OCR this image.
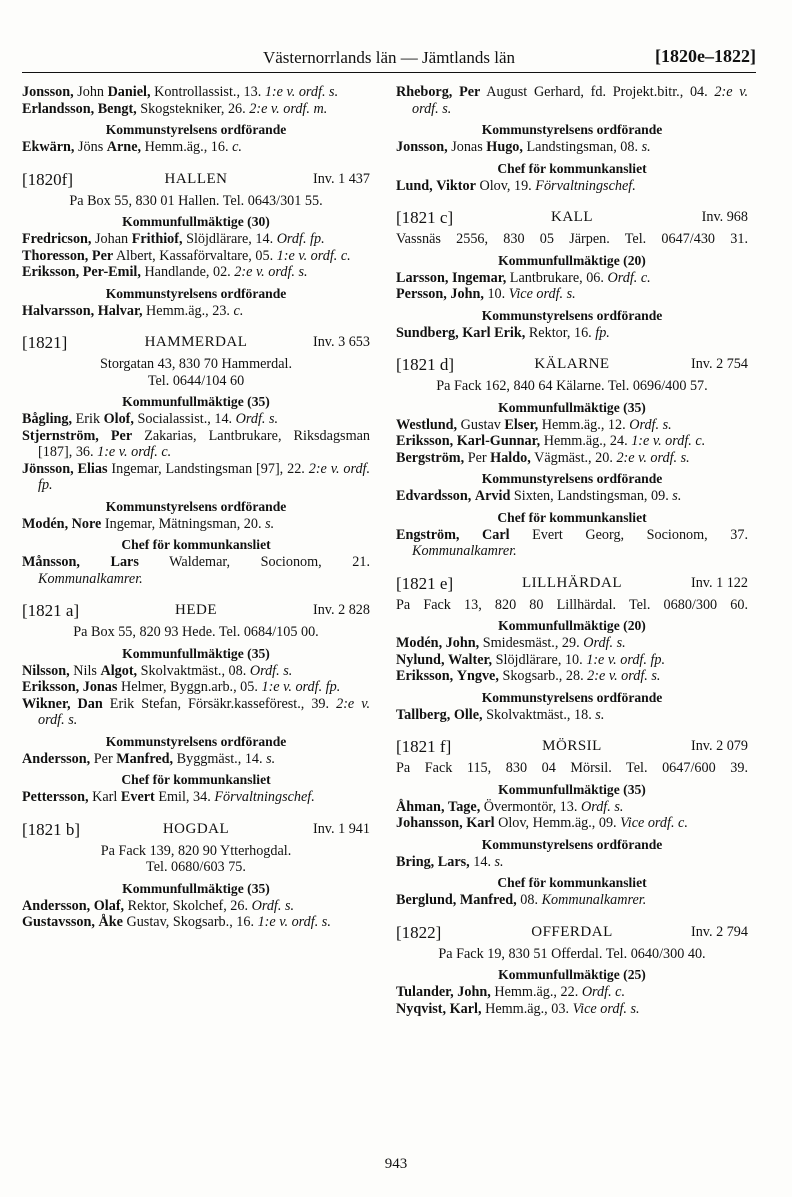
Västernorrlands län — Jämtlands län	[1820e–1822]

Jonsson, John Daniel, Kontrollassist., 13. 1:e v. ordf. s.

Erlandsson, Bengt, Skogstekniker, 26. 2:e v. ordf. m.

Kommunstyrelsens ordförande

Ekwärn, Jöns Arne, Hemm.äg., 16. c.

HALLEN
[1820f]	Inv. 1 437

Pa Box 55, 830 01 Hallen. Tel. 0643/301 55.

Kommunfullmäktige (30)

Fredricson, Johan Frithiof, Slöjdlärare, 14. Ordf. fp.

Thoresson, Per Albert, Kassaförvaltare, 05. 1:e v. ordf. c.

Eriksson, Per-Emil, Handlande, 02. 2:e v. ordf. s.

Kommunstyrelsens ordförande

Halvarsson, Halvar, Hemm.äg., 23. c.

HAMMERDAL
[1821]	Inv. 3 653

Storgatan 43, 830 70 Hammerdal.

Tel. 0644/104 60

Kommunfullmäktige (35)

Bågling, Erik Olof, Socialassist., 14. Ordf. s.

Stjernström, Per Zakarias, Lantbrukare, Riksdagsman [187], 36. 1:e v. ordf. c.

Jönsson, Elias Ingemar, Landstingsman [97], 22. 2:e v. ordf. fp.

Kommunstyrelsens ordförande

Modén, Nore Ingemar, Mätningsman, 20. s.

Chef för kommunkansliet

Månsson, Lars Waldemar, Socionom, 21. Kommunalkamrer.

HEDE
[1821 a]	Inv. 2 828

Pa Box 55, 820 93 Hede. Tel. 0684/105 00.

Kommunfullmäktige (35)

Nilsson, Nils Algot, Skolvaktmäst., 08. Ordf. s.

Eriksson, Jonas Helmer, Byggn.arb., 05. 1:e v. ordf. fp.

Wikner, Dan Erik Stefan, Försäkr.kasseförest., 39. 2:e v. ordf. s.

Kommunstyrelsens ordförande

Andersson, Per Manfred, Byggmäst., 14. s.

Chef för kommunkansliet

Pettersson, Karl Evert Emil, 34. Förvaltningschef.

HOGDAL
[1821 b]	Inv. 1 941

Pa Fack 139, 820 90 Ytterhogdal.

Tel. 0680/603 75.

Kommunfullmäktige (35)

Andersson, Olaf, Rektor, Skolchef, 26. Ordf. s.

Gustavsson, Åke Gustav, Skogsarb., 16. 1:e v. ordf. s.

Rheborg, Per August Gerhard, fd. Projekt.bitr., 04. 2:e v. ordf. s.

Kommunstyrelsens ordförande

Jonsson, Jonas Hugo, Landstingsman, 08. s.

Chef för kommunkansliet

Lund, Viktor Olov, 19. Förvaltningschef.

KALL
[1821 c]	Inv. 968

Vassnäs 2556, 830 05 Järpen. Tel. 0647/430 31.

Kommunfullmäktige (20)

Larsson, Ingemar, Lantbrukare, 06. Ordf. c.

Persson, John, 10. Vice ordf. s.

Kommunstyrelsens ordförande

Sundberg, Karl Erik, Rektor, 16. fp.

KÄLARNE
[1821 d]	Inv. 2 754

Pa Fack 162, 840 64 Kälarne. Tel. 0696/400 57.

Kommunfullmäktige (35)

Westlund, Gustav Elser, Hemm.äg., 12. Ordf. s.

Eriksson, Karl-Gunnar, Hemm.äg., 24. 1:e v. ordf. c.

Bergström, Per Haldo, Vägmäst., 20. 2:e v. ordf. s.

Kommunstyrelsens ordförande

Edvardsson, Arvid Sixten, Landstingsman, 09. s.

Chef för kommunkansliet

Engström, Carl Evert Georg, Socionom, 37. Kommunalkamrer.

LILLHÄRDAL
[1821 e]	Inv. 1 122

Pa Fack 13, 820 80 Lillhärdal. Tel. 0680/300 60.

Kommunfullmäktige (20)

Modén, John, Smidesmäst., 29. Ordf. s.

Nylund, Walter, Slöjdlärare, 10. 1:e v. ordf. fp.

Eriksson, Yngve, Skogsarb., 28. 2:e v. ordf. s.

Kommunstyrelsens ordförande

Tallberg, Olle, Skolvaktmäst., 18. s.

MÖRSIL
[1821 f]	Inv. 2 079

Pa Fack 115, 830 04 Mörsil. Tel. 0647/600 39.

Kommunfullmäktige (35)

Åhman, Tage, Övermontör, 13. Ordf. s.

Johansson, Karl Olov, Hemm.äg., 09. Vice ordf. c.

Kommunstyrelsens ordförande

Bring, Lars, 14. s.

Chef för kommunkansliet

Berglund, Manfred, 08. Kommunalkamrer.

OFFERDAL
[1822]	Inv. 2 794

Pa Fack 19, 830 51 Offerdal. Tel. 0640/300 40.

Kommunfullmäktige (25)

Tulander, John, Hemm.äg., 22. Ordf. c.

Nyqvist, Karl, Hemm.äg., 03. Vice ordf. s.

943
